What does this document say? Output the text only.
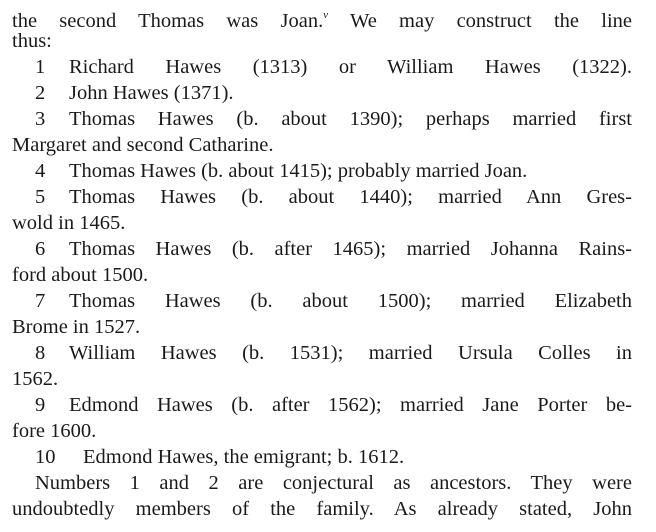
the second Thomas was Joan.$^v$ We may construct the line
thus:
1 Richard Hawes (1313) or William Hawes (1322).
2 John Hawes (1371).
3 Thomas Hawes (b. about 1390); perhaps married first
Margaret and second Catharine.
4 Thomas Hawes (b. about 1415); probably married Joan.
5 Thomas Hawes (b. about 1440); married Ann Gres-
wold in 1465.
6 Thomas Hawes (b. after 1465); married Johanna Rains-
ford about 1500.
7 Thomas Hawes (b. about 1500); married Elizabeth
Brome in 1527.
8 William Hawes (b. 1531); married Ursula Colles in
1562.
9 Edmond Hawes (b. after 1562); married Jane Porter be-
fore 1600.
10 Edmond Hawes, the emigrant; b. 1612.
Numbers 1 and 2 are conjectural as ancestors. They were
undoubtedly members of the family. As already stated, John
